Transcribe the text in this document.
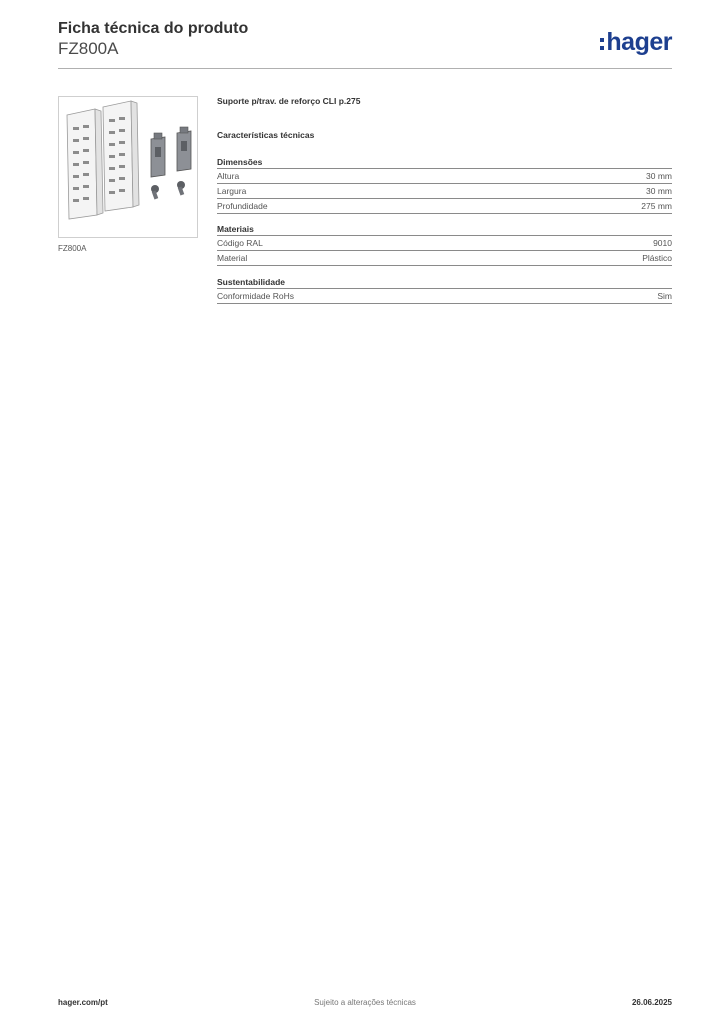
Ficha técnica do produto
FZ800A	hager
FZ800A
Suporte p/trav. de reforço CLI p.275
Características técnicas
Dimensões
Altura	30 mm
Largura	30 mm
Profundidade	275 mm
Materiais
Código RAL	9010
Material	Plástico
Sustentabilidade
Conformidade RoHs	Sim
Sujeito a alterações técnicas
hager.com/pt	26.06.2025
